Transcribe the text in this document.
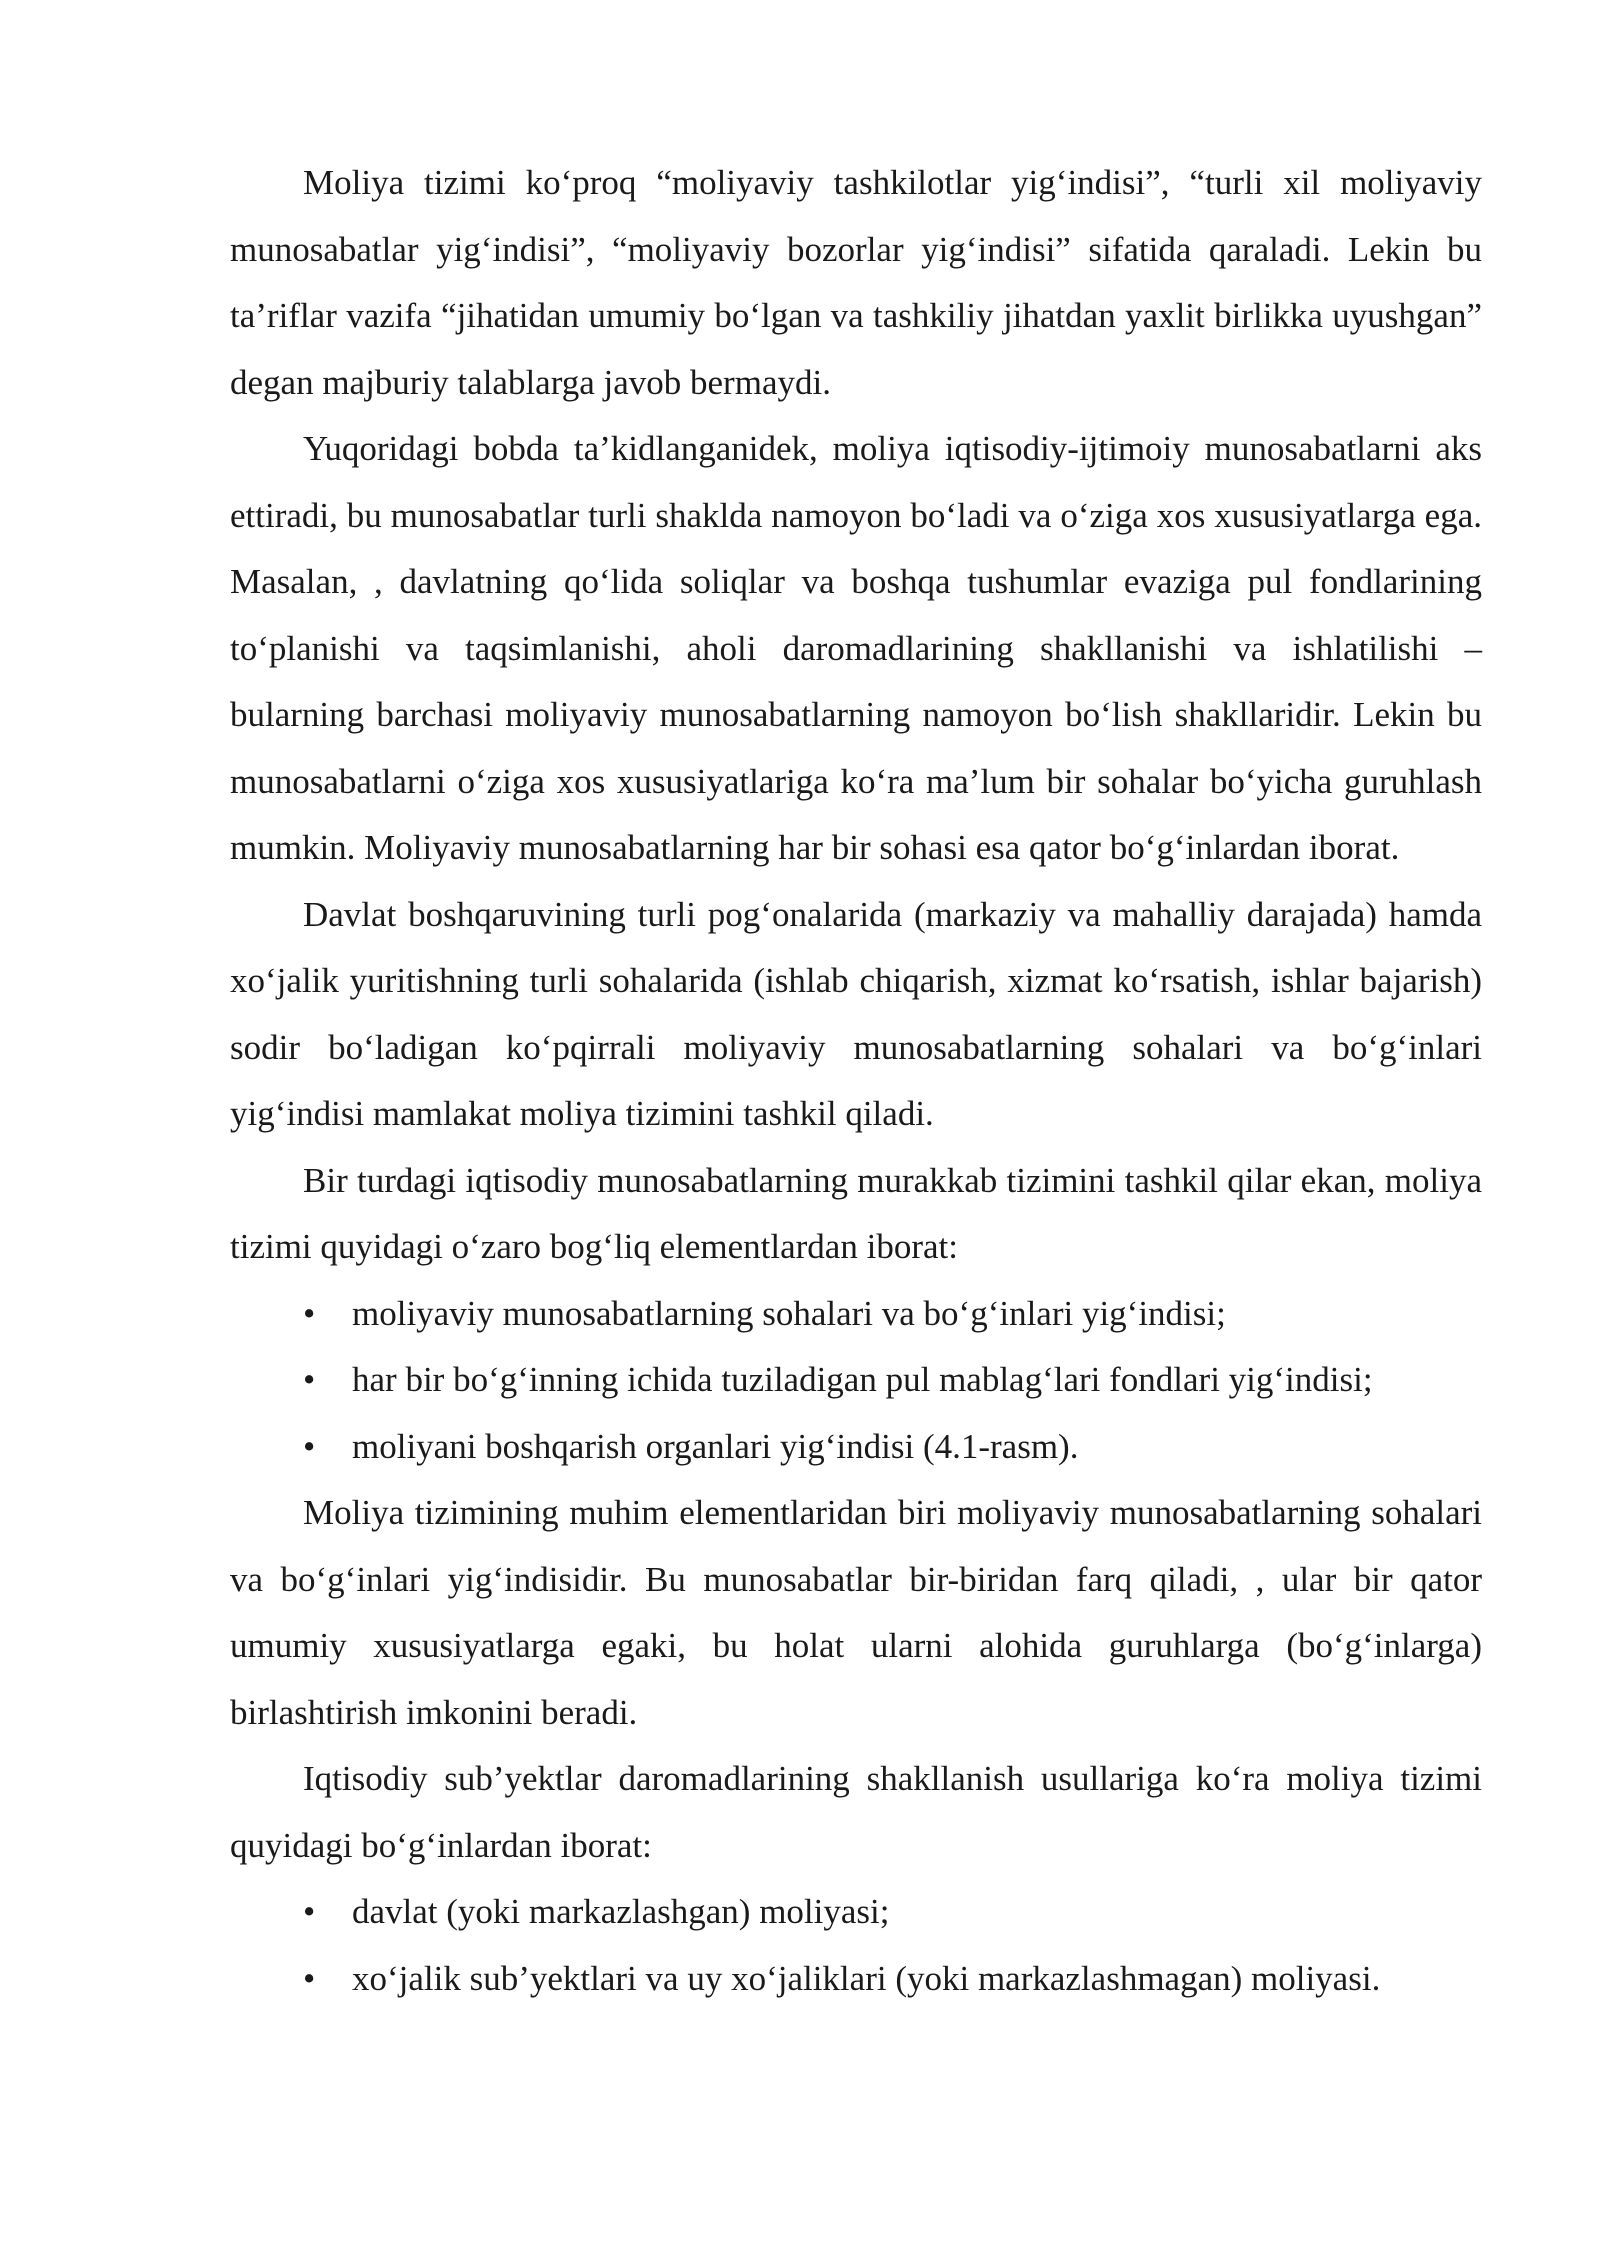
Moliya tizimi ko‘proq “moliyaviy tashkilotlar yig‘indisi”, “turli xil moliyaviy munosabatlar yig‘indisi”, “moliyaviy bozorlar yig‘indisi” sifatida qaraladi. Lekin bu ta’riflar vazifa “jihatidan umumiy bo‘lgan va tashkiliy jihatdan yaxlit birlikka uyushgan” degan majburiy talablarga javob bermaydi.

Yuqoridagi bobda ta’kidlanganidek, moliya iqtisodiy-ijtimoiy munosabatlarni aks ettiradi, bu munosabatlar turli shaklda namoyon bo‘ladi va o‘ziga xos xususiyatlarga ega. Masalan, , davlatning qo‘lida soliqlar va boshqa tushumlar evaziga pul fondlarining to‘planishi va taqsimlanishi, aholi daromadlarining shakllanishi va ishlatilishi – bularning barchasi moliyaviy munosabatlarning namoyon bo‘lish shakllaridir. Lekin bu munosabatlarni o‘ziga xos xususiyatlariga ko‘ra ma’lum bir sohalar bo‘yicha guruhlash mumkin. Moliyaviy munosabatlarning har bir sohasi esa qator bo‘g‘inlardan iborat.

Davlat boshqaruvining turli pog‘onalarida (markaziy va mahalliy darajada) hamda xo‘jalik yuritishning turli sohalarida (ishlab chiqarish, xizmat ko‘rsatish, ishlar bajarish) sodir bo‘ladigan ko‘pqirrali moliyaviy munosabatlarning sohalari va bo‘g‘inlari yig‘indisi mamlakat moliya tizimini tashkil qiladi.

Bir turdagi iqtisodiy munosabatlarning murakkab tizimini tashkil qilar ekan, moliya tizimi quyidagi o‘zaro bog‘liq elementlardan iborat:

• moliyaviy munosabatlarning sohalari va bo‘g‘inlari yig‘indisi;
• har bir bo‘g‘inning ichida tuziladigan pul mablag‘lari fondlari yig‘indisi;
• moliyani boshqarish organlari yig‘indisi (4.1-rasm).

Moliya tizimining muhim elementlaridan biri moliyaviy munosabatlarning sohalari va bo‘g‘inlari yig‘indisidir. Bu munosabatlar bir-biridan farq qiladi, , ular bir qator umumiy xususiyatlarga egaki, bu holat ularni alohida guruhlarga (bo‘g‘inlarga) birlashtirish imkonini beradi.

Iqtisodiy sub’yektlar daromadlarining shakllanish usullariga ko‘ra moliya tizimi quyidagi bo‘g‘inlardan iborat:

• davlat (yoki markazlashgan) moliyasi;
• xo‘jalik sub’yektlari va uy xo‘jaliklari (yoki markazlashmagan) moliyasi.
